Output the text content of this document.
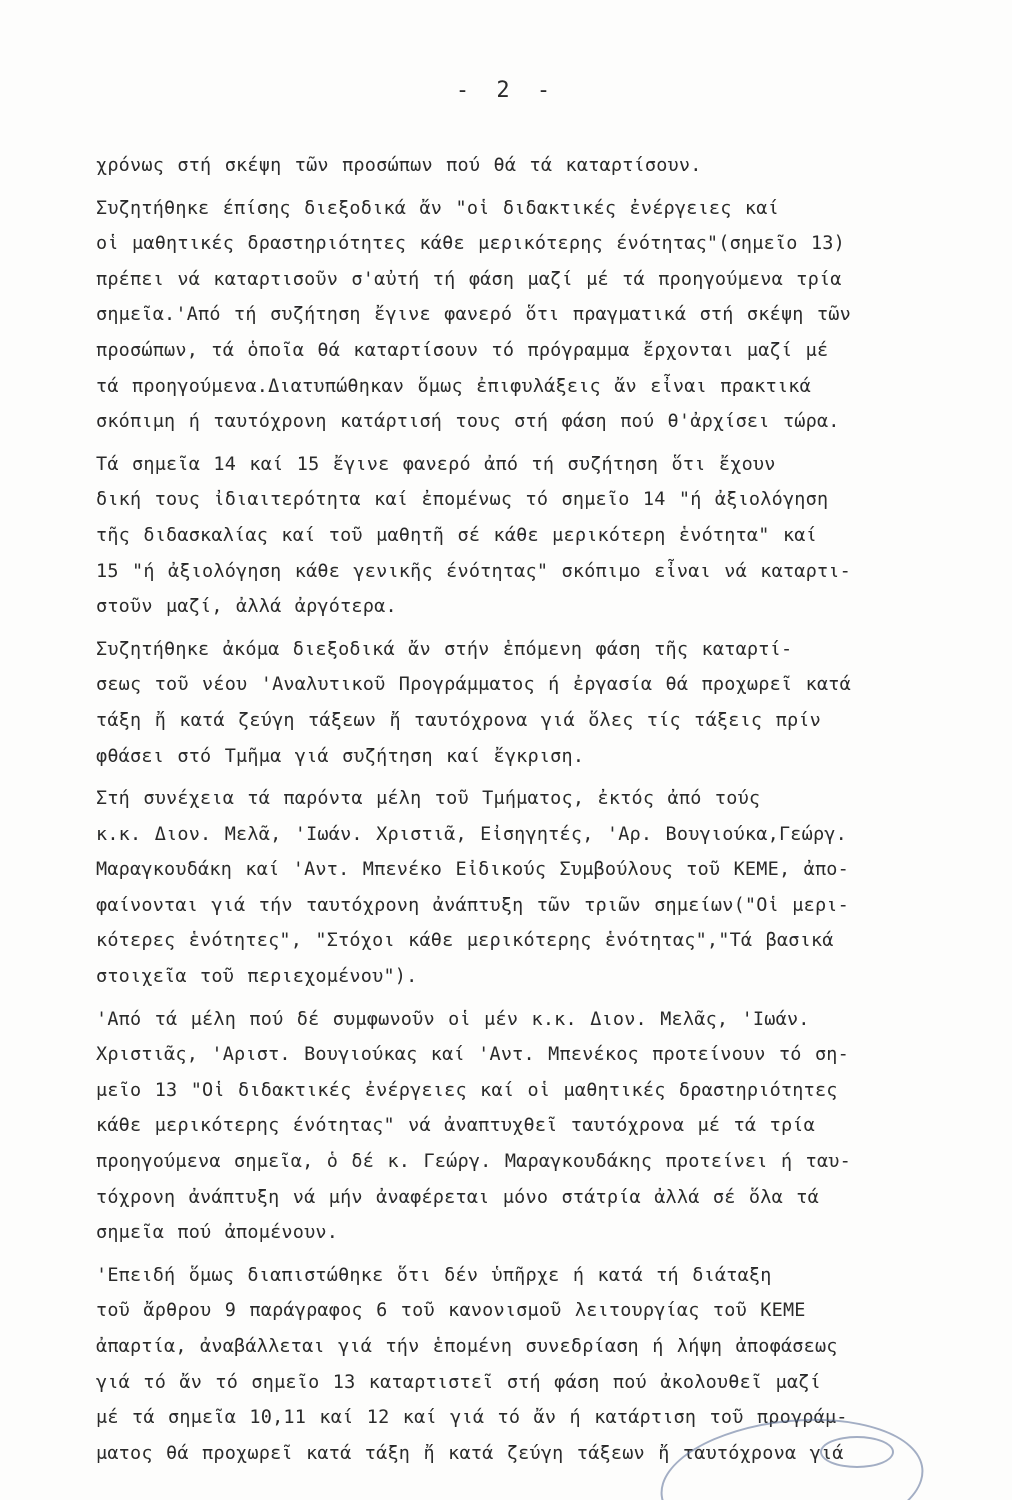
- 2 -
χρόνως στή σκέψη τῶν προσώπων πού θά τά καταρτίσουν.
Συζητήθηκε έπίσης διεξοδικά ἄν "οἱ διδακτικές ἐνέργειες καί
οἱ μαθητικές δραστηριότητες κάθε μερικότερης ένότητας"(σημεῖο 13)
πρέπει νά καταρτισοῦν σ'αὐτή τή φάση μαζί μέ τά προηγούμενα τρία
σημεῖα.'Από τή συζήτηση ἔγινε φανερό ὅτι πραγματικά στή σκέψη τῶν
προσώπων, τά ὁποῖα θά καταρτίσουν τό πρόγραμμα ἔρχονται μαζί μέ
τά προηγούμενα.Διατυπώθηκαν ὅμως ἐπιφυλάξεις ἄν εἶναι πρακτικά
σκόπιμη ή ταυτόχρονη κατάρτισή τους στή φάση πού θ'ἀρχίσει τώρα.
Τά σημεῖα 14 καί 15 ἔγινε φανερό ἀπό τή συζήτηση ὅτι ἔχουν
δική τους ἰδιαιτερότητα καί ἐπομένως τό σημεῖο 14 "ή ἀξιολόγηση
τῆς διδασκαλίας καί τοῦ μαθητῆ σέ κάθε μερικότερη ἑνότητα" καί
15 "ή ἀξιολόγηση κάθε γενικῆς ένότητας" σκόπιμο εἶναι νά καταρτι-
στοῦν μαζί, ἀλλά ἀργότερα.
Συζητήθηκε ἀκόμα διεξοδικά ἄν στήν ἑπόμενη φάση τῆς καταρτί-
σεως τοῦ νέου 'Αναλυτικοῦ Προγράμματος ή ἐργασία θά προχωρεῖ κατά
τάξη ἤ κατά ζεύγη τάξεων ἤ ταυτόχρονα γιά ὅλες τίς τάξεις πρίν
φθάσει στό Τμῆμα γιά συζήτηση καί ἔγκριση.
Στή συνέχεια τά παρόντα μέλη τοῦ Τμήματος, ἐκτός ἀπό τούς
κ.κ. Διον. Μελᾶ, 'Ιωάν. Χριστιᾶ, Εἰσηγητές, 'Αρ. Βουγιούκα,Γεώργ.
Μαραγκουδάκη καί 'Αντ. Μπενέκο Εἰδικούς Συμβούλους τοῦ ΚΕΜΕ, ἀπο-
φαίνονται γιά τήν ταυτόχρονη ἀνάπτυξη τῶν τριῶν σημείων("Οἱ μερι-
κότερες ἑνότητες", "Στόχοι κάθε μερικότερης ἑνότητας","Τά βασικά
στοιχεῖα τοῦ περιεχομένου").
'Από τά μέλη πού δέ συμφωνοῦν οἱ μέν κ.κ. Διον. Μελᾶς, 'Ιωάν.
Χριστιᾶς, 'Αριστ. Βουγιούκας καί 'Αντ. Μπενέκος προτείνουν τό ση-
μεῖο 13 "Οἱ διδακτικές ἐνέργειες καί οἱ μαθητικές δραστηριότητες
κάθε μερικότερης ένότητας" νά ἀναπτυχθεῖ ταυτόχρονα μέ τά τρία
προηγούμενα σημεῖα, ὁ δέ κ. Γεώργ. Μαραγκουδάκης προτείνει ή ταυ-
τόχρονη ἀνάπτυξη νά μήν ἀναφέρεται μόνο στάτρία ἀλλά σέ ὅλα τά
σημεῖα πού ἀπομένουν.
'Επειδή ὅμως διαπιστώθηκε ὅτι δέν ὑπῆρχε ή κατά τή διάταξη
τοῦ ἄρθρου 9 παράγραφος 6 τοῦ κανονισμοῦ λειτουργίας τοῦ ΚΕΜΕ
ἀπαρτία, ἀναβάλλεται γιά τήν ἑπομένη συνεδρίαση ή λήψη ἀποφάσεως
γιά τό ἄν τό σημεῖο 13 καταρτιστεῖ στή φάση πού ἀκολουθεῖ μαζί
μέ τά σημεῖα 10,11 καί 12 καί γιά τό ἄν ή κατάρτιση τοῦ προγράμ-
ματος θά προχωρεῖ κατά τάξη ἤ κατά ζεύγη τάξεων ἤ ταυτόχρονα γιά
